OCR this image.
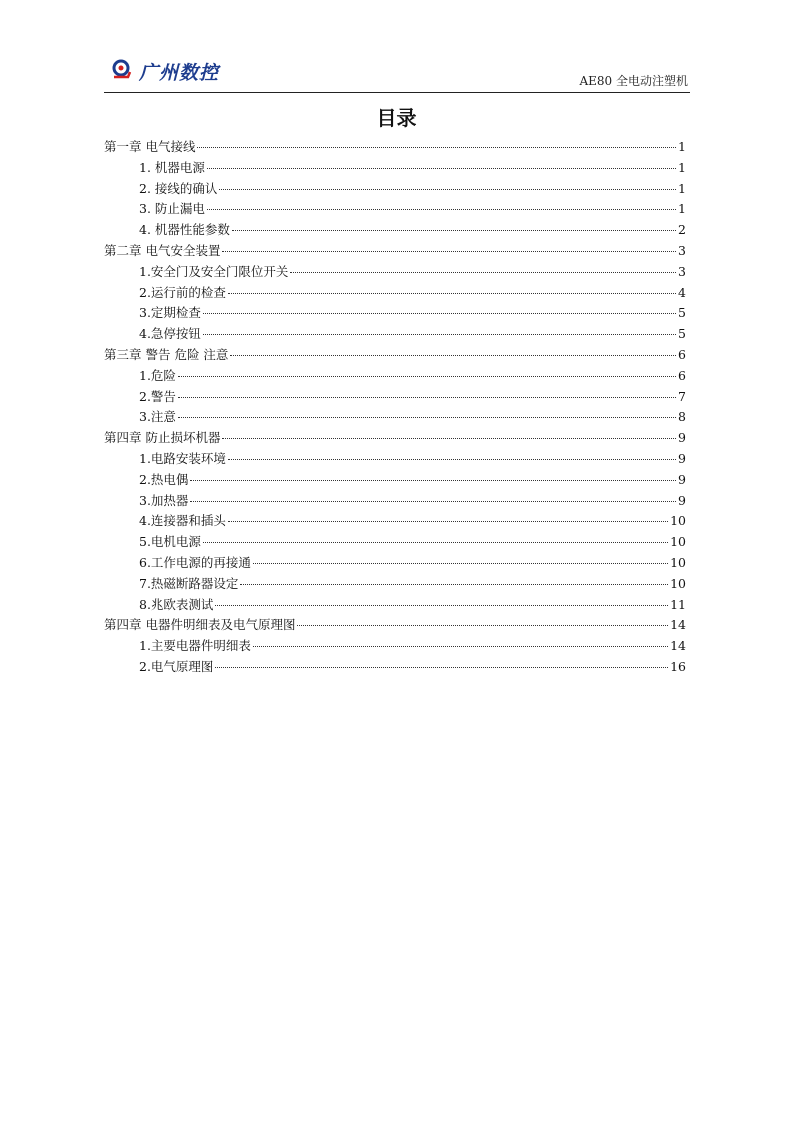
广州数控	AE80 全电动注塑机
目录
第一章 电气接线	1
1. 机器电源	1
2. 接线的确认	1
3. 防止漏电	1
4. 机器性能参数	2
第二章 电气安全装置	3
1.安全门及安全门限位开关	3
2.运行前的检查	4
3.定期检查	5
4.急停按钮	5
第三章 警告 危险 注意	6
1.危险	6
2.警告	7
3.注意	8
第四章 防止损坏机器	9
1.电路安装环境	9
2.热电偶	9
3.加热器	9
4.连接器和插头	10
5.电机电源	10
6.工作电源的再接通	10
7.热磁断路器设定	10
8.兆欧表测试	11
第四章 电器件明细表及电气原理图	14
1.主要电器件明细表	14
2.电气原理图	16
